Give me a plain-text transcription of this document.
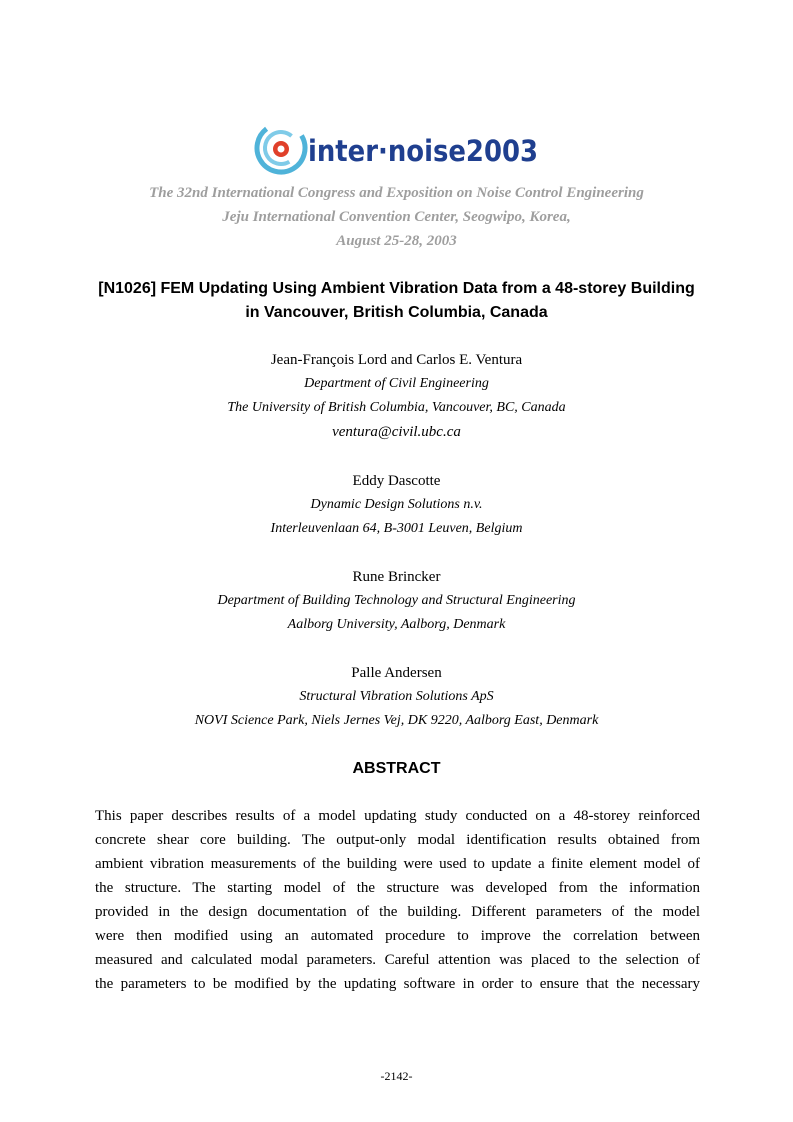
inter·noise2003
The 32nd International Congress and Exposition on Noise Control Engineering
Jeju International Convention Center, Seogwipo, Korea,
August 25-28, 2003
[N1026] FEM Updating Using Ambient Vibration Data from a 48-storey Building
in Vancouver, British Columbia, Canada
Jean-François Lord and Carlos E. Ventura
Department of Civil Engineering
The University of British Columbia, Vancouver, BC, Canada
ventura@civil.ubc.ca
Eddy Dascotte
Dynamic Design Solutions n.v.
Interleuvenlaan 64, B-3001 Leuven, Belgium
Rune Brincker
Department of Building Technology and Structural Engineering
Aalborg University, Aalborg, Denmark
Palle Andersen
Structural Vibration Solutions ApS
NOVI Science Park, Niels Jernes Vej, DK 9220, Aalborg East, Denmark
ABSTRACT
This paper describes results of a model updating study conducted on a 48-storey reinforced
concrete shear core building. The output-only modal identification results obtained from
ambient vibration measurements of the building were used to update a finite element model of
the structure. The starting model of the structure was developed from the information
provided in the design documentation of the building. Different parameters of the model
were then modified using an automated procedure to improve the correlation between
measured and calculated modal parameters. Careful attention was placed to the selection of
the parameters to be modified by the updating software in order to ensure that the necessary
-2142-
